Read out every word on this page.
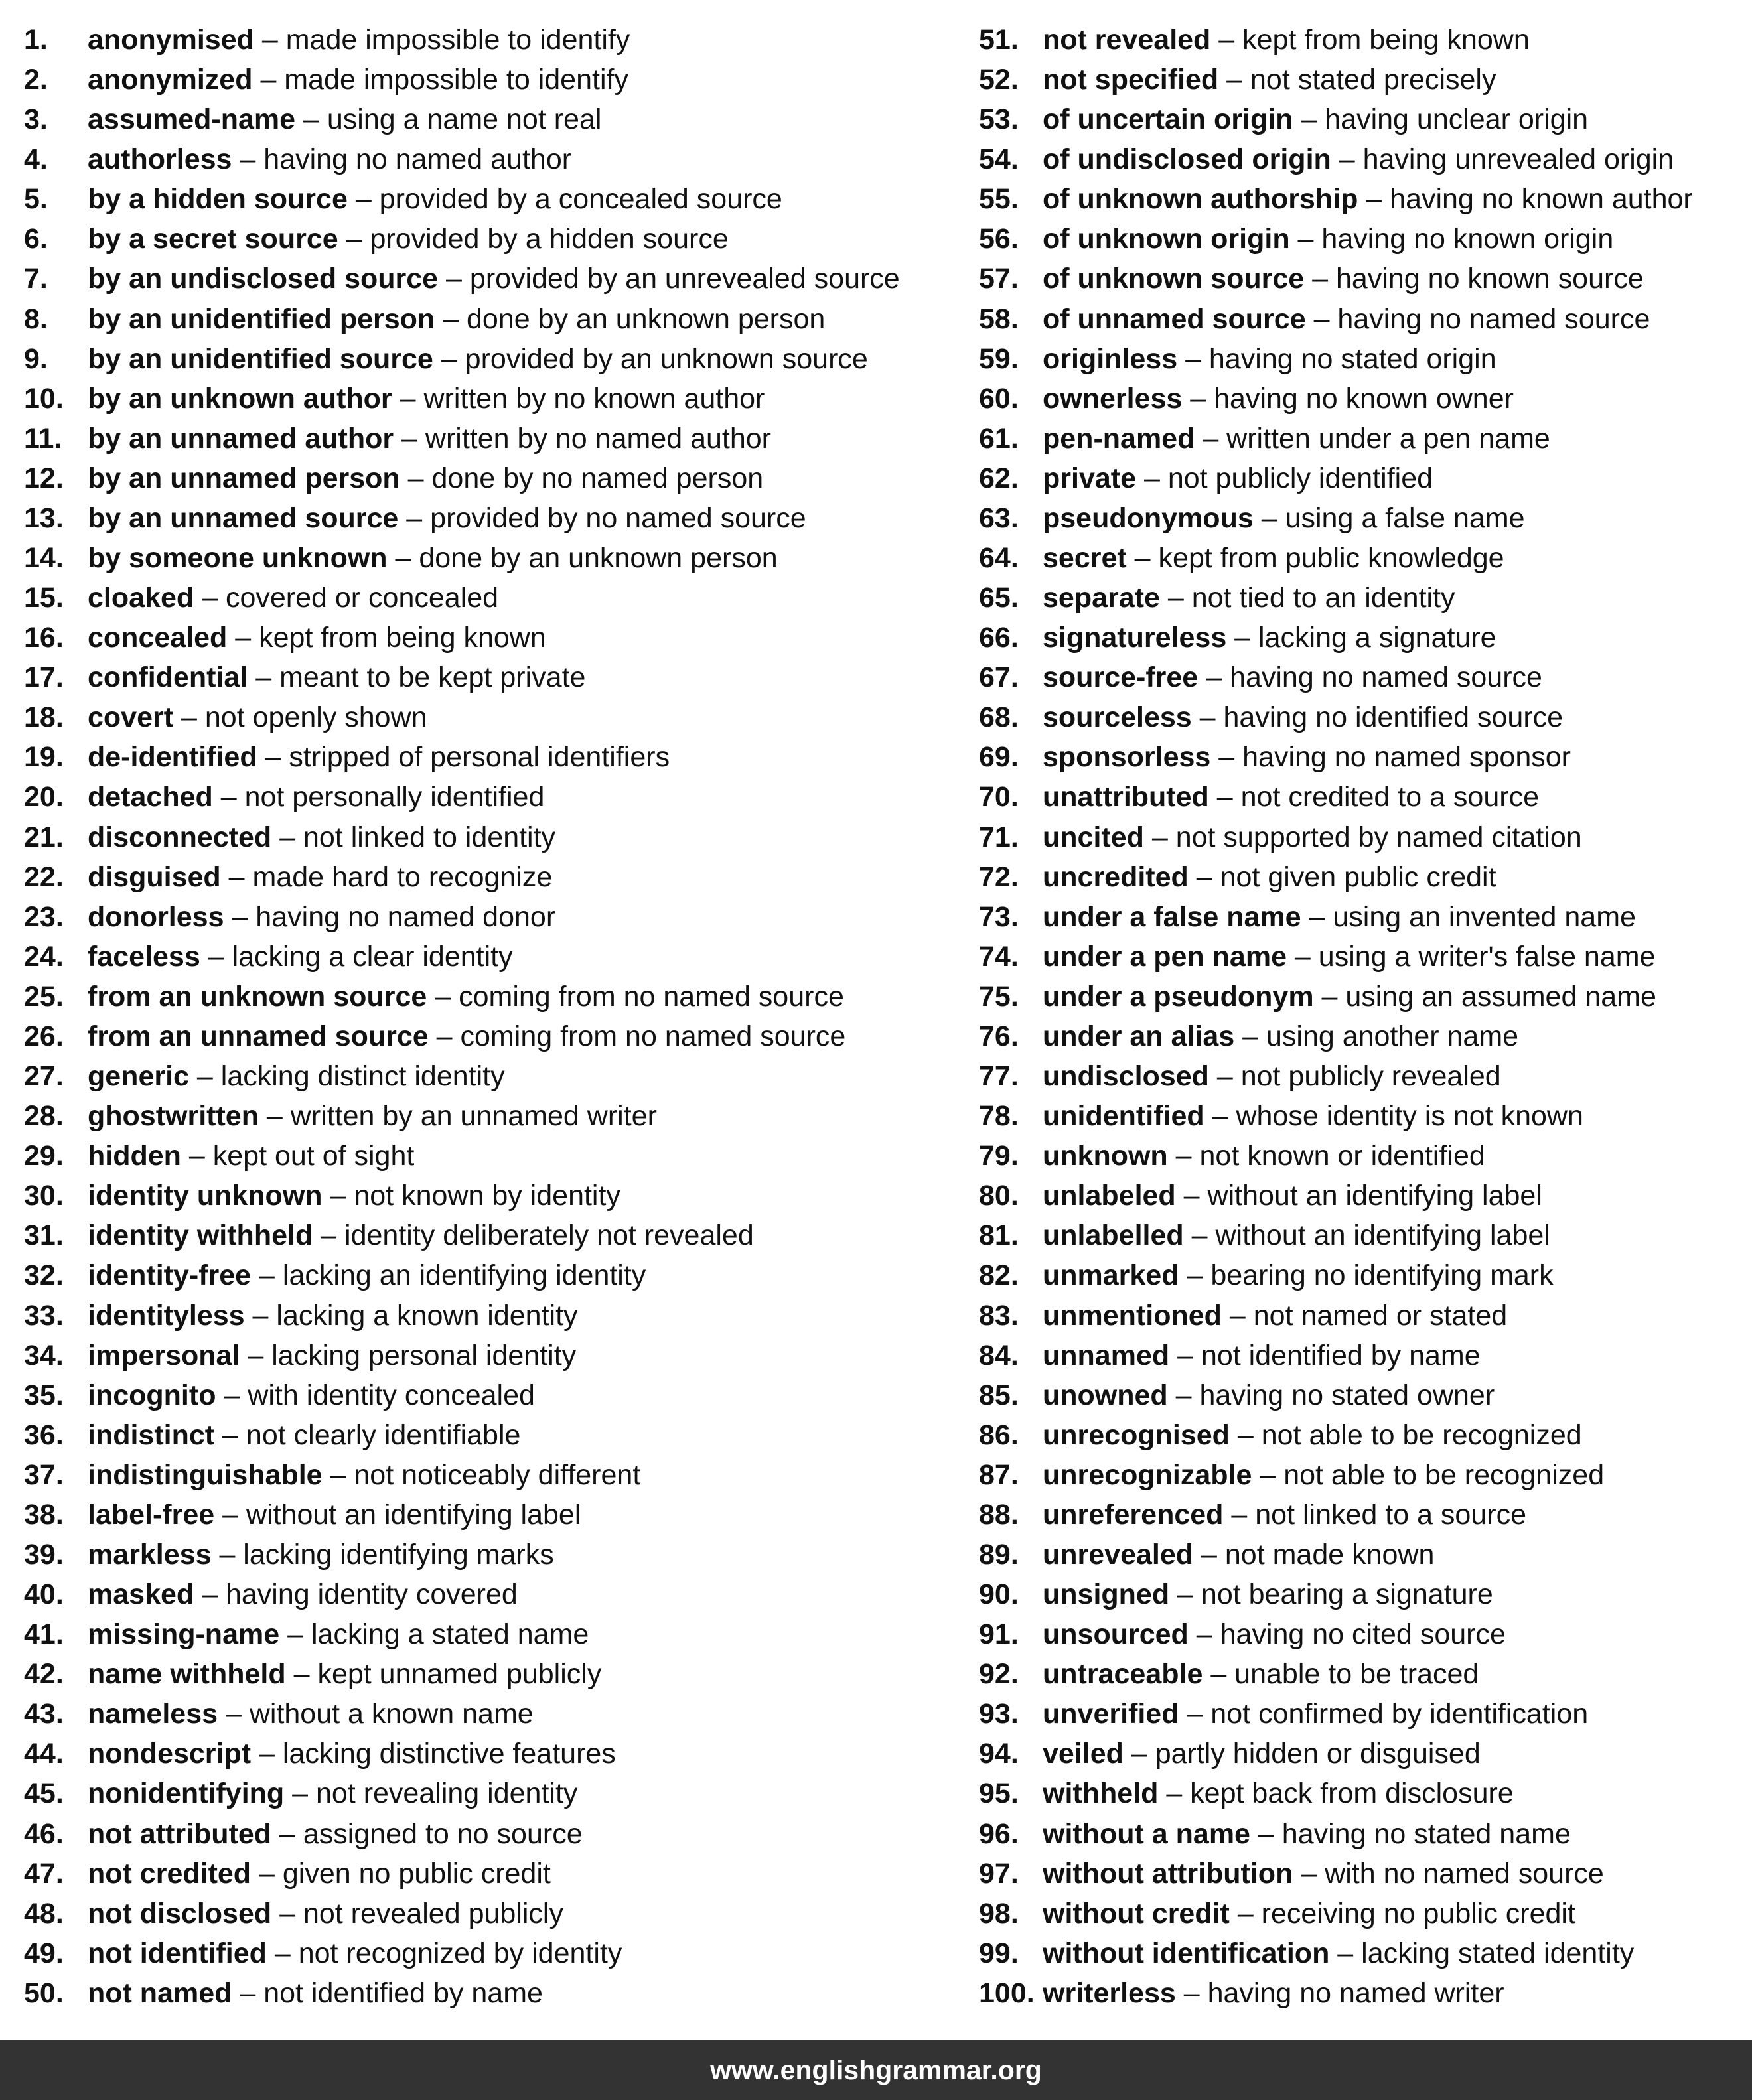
1. anonymised – made impossible to identify
2. anonymized – made impossible to identify
3. assumed-name – using a name not real
4. authorless – having no named author
5. by a hidden source – provided by a concealed source
6. by a secret source – provided by a hidden source
7. by an undisclosed source – provided by an unrevealed source
8. by an unidentified person – done by an unknown person
9. by an unidentified source – provided by an unknown source
10. by an unknown author – written by no known author
11. by an unnamed author – written by no named author
12. by an unnamed person – done by no named person
13. by an unnamed source – provided by no named source
14. by someone unknown – done by an unknown person
15. cloaked – covered or concealed
16. concealed – kept from being known
17. confidential – meant to be kept private
18. covert – not openly shown
19. de-identified – stripped of personal identifiers
20. detached – not personally identified
21. disconnected – not linked to identity
22. disguised – made hard to recognize
23. donorless – having no named donor
24. faceless – lacking a clear identity
25. from an unknown source – coming from no named source
26. from an unnamed source – coming from no named source
27. generic – lacking distinct identity
28. ghostwritten – written by an unnamed writer
29. hidden – kept out of sight
30. identity unknown – not known by identity
31. identity withheld – identity deliberately not revealed
32. identity-free – lacking an identifying identity
33. identityless – lacking a known identity
34. impersonal – lacking personal identity
35. incognito – with identity concealed
36. indistinct – not clearly identifiable
37. indistinguishable – not noticeably different
38. label-free – without an identifying label
39. markless – lacking identifying marks
40. masked – having identity covered
41. missing-name – lacking a stated name
42. name withheld – kept unnamed publicly
43. nameless – without a known name
44. nondescript – lacking distinctive features
45. nonidentifying – not revealing identity
46. not attributed – assigned to no source
47. not credited – given no public credit
48. not disclosed – not revealed publicly
49. not identified – not recognized by identity
50. not named – not identified by name
51. not revealed – kept from being known
52. not specified – not stated precisely
53. of uncertain origin – having unclear origin
54. of undisclosed origin – having unrevealed origin
55. of unknown authorship – having no known author
56. of unknown origin – having no known origin
57. of unknown source – having no known source
58. of unnamed source – having no named source
59. originless – having no stated origin
60. ownerless – having no known owner
61. pen-named – written under a pen name
62. private – not publicly identified
63. pseudonymous – using a false name
64. secret – kept from public knowledge
65. separate – not tied to an identity
66. signatureless – lacking a signature
67. source-free – having no named source
68. sourceless – having no identified source
69. sponsorless – having no named sponsor
70. unattributed – not credited to a source
71. uncited – not supported by named citation
72. uncredited – not given public credit
73. under a false name – using an invented name
74. under a pen name – using a writer's false name
75. under a pseudonym – using an assumed name
76. under an alias – using another name
77. undisclosed – not publicly revealed
78. unidentified – whose identity is not known
79. unknown – not known or identified
80. unlabeled – without an identifying label
81. unlabelled – without an identifying label
82. unmarked – bearing no identifying mark
83. unmentioned – not named or stated
84. unnamed – not identified by name
85. unowned – having no stated owner
86. unrecognised – not able to be recognized
87. unrecognizable – not able to be recognized
88. unreferenced – not linked to a source
89. unrevealed – not made known
90. unsigned – not bearing a signature
91. unsourced – having no cited source
92. untraceable – unable to be traced
93. unverified – not confirmed by identification
94. veiled – partly hidden or disguised
95. withheld – kept back from disclosure
96. without a name – having no stated name
97. without attribution – with no named source
98. without credit – receiving no public credit
99. without identification – lacking stated identity
100. writerless – having no named writer
www.englishgrammar.org
